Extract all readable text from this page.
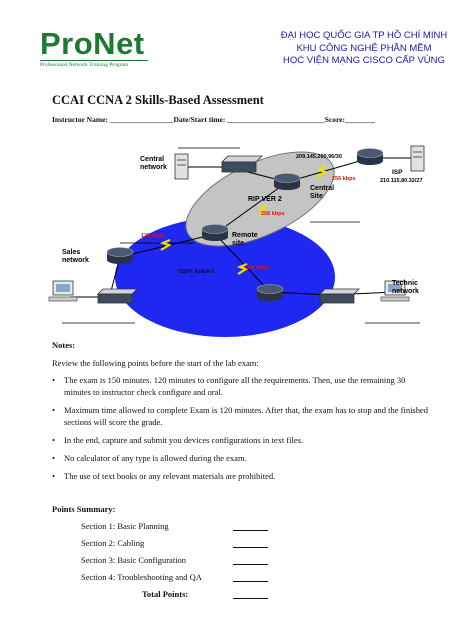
ProNet
Professional Network Training Program
ĐẠI HỌC QUỐC GIA TP HỒ CHÍ MINH
KHU CÔNG NGHỆ PHẦN MỀM
HỌC VIỆN MẠNG CISCO CẤP VÙNG
CCAI CCNA 2 Skills-Based Assessment
Instructor Name: _________________Date/Start time: __________________________Score:________
Central network
209.145.200.96/30
ISP
256 kbps	210.115.80.32/27
Central Site
RIP VER 2
256 kbps
128 kbps	Remote site
Sales network
OSPF AREA 0
128 kbps
Technic network
Notes:
Review the following points before the start of the lab exam:
• The exam is 150 minutes. 120 minutes to configure all the requirements. Then, use the remaining 30 minutes to instructor check configure and oral.
• Maximum time allowed to complete Exam is 120 minutes. After that, the exam has to stop and the finished sections will score the grade.
• In the end, capture and submit you devices configurations in text files.
• No calculator of any type is allowed during the exam.
• The use of text books or any relevant materials are prohibited.
Points Summary:
Section 1: Basic Planning
Section 2: Cabling
Section 3: Basic Configuration
Section 4: Troubleshooting and QA
Total Points:
